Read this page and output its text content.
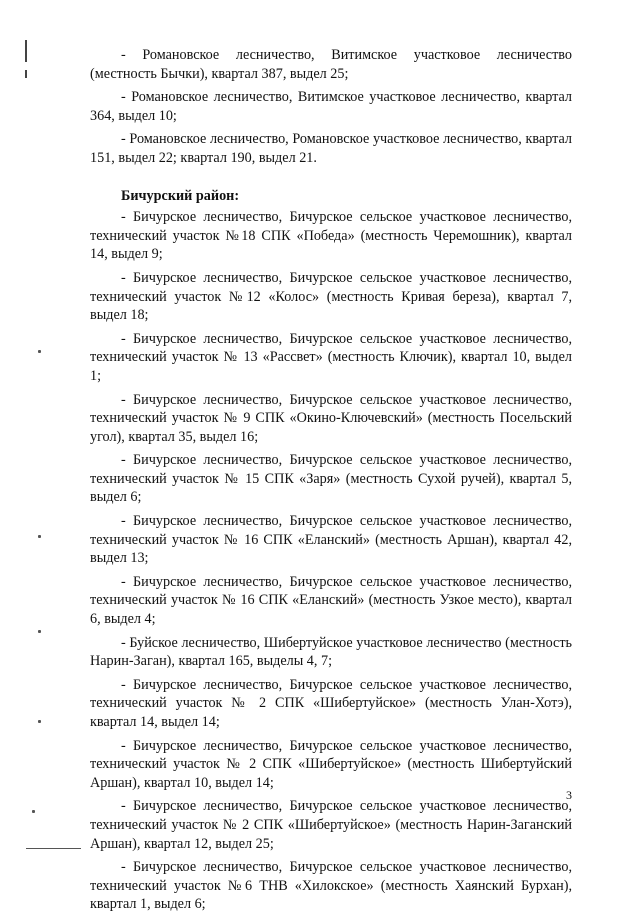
- Романовское лесничество, Витимское участковое лесничество (местность Бычки), квартал 387, выдел 25;

- Романовское лесничество, Витимское участковое лесничество, квартал 364, выдел 10;

- Романовское лесничество, Романовское участковое лесничество, квартал 151, выдел 22; квартал 190, выдел 21.

Бичурский район:

- Бичурское лесничество, Бичурское сельское участковое лесничество, технический участок №18 СПК «Победа» (местность Черемошник), квартал 14, выдел 9;

- Бичурское лесничество, Бичурское сельское участковое лесничество, технический участок №12 «Колос» (местность Кривая береза), квартал 7, выдел 18;

- Бичурское лесничество, Бичурское сельское участковое лесничество, технический участок № 13 «Рассвет» (местность Ключик), квартал 10, выдел 1;

- Бичурское лесничество, Бичурское сельское участковое лесничество, технический участок № 9 СПК «Окино-Ключевский» (местность Посельский угол), квартал 35, выдел 16;

- Бичурское лесничество, Бичурское сельское участковое лесничество, технический участок № 15 СПК «Заря» (местность Сухой ручей), квартал 5, выдел 6;

- Бичурское лесничество, Бичурское сельское участковое лесничество, технический участок № 16 СПК «Еланский» (местность Аршан), квартал 42, выдел 13;

- Бичурское лесничество, Бичурское сельское участковое лесничество, технический участок № 16 СПК «Еланский» (местность Узкое место), квартал 6, выдел 4;

- Буйское лесничество, Шибертуйское участковое лесничество (местность Нарин-Заган), квартал 165, выделы 4, 7;

- Бичурское лесничество, Бичурское сельское участковое лесничество, технический участок № 2 СПК «Шибертуйское» (местность Улан-Хотэ), квартал 14, выдел 14;

- Бичурское лесничество, Бичурское сельское участковое лесничество, технический участок № 2 СПК «Шибертуйское» (местность Шибертуйский Аршан), квартал 10, выдел 14;

- Бичурское лесничество, Бичурское сельское участковое лесничество, технический участок № 2 СПК «Шибертуйское» (местность Нарин-Заганский Аршан), квартал 12, выдел 25;

- Бичурское лесничество, Бичурское сельское участковое лесничество, технический участок №6 ТНВ «Хилокское» (местность Хаянский Бурхан), квартал 1, выдел 6;

3
